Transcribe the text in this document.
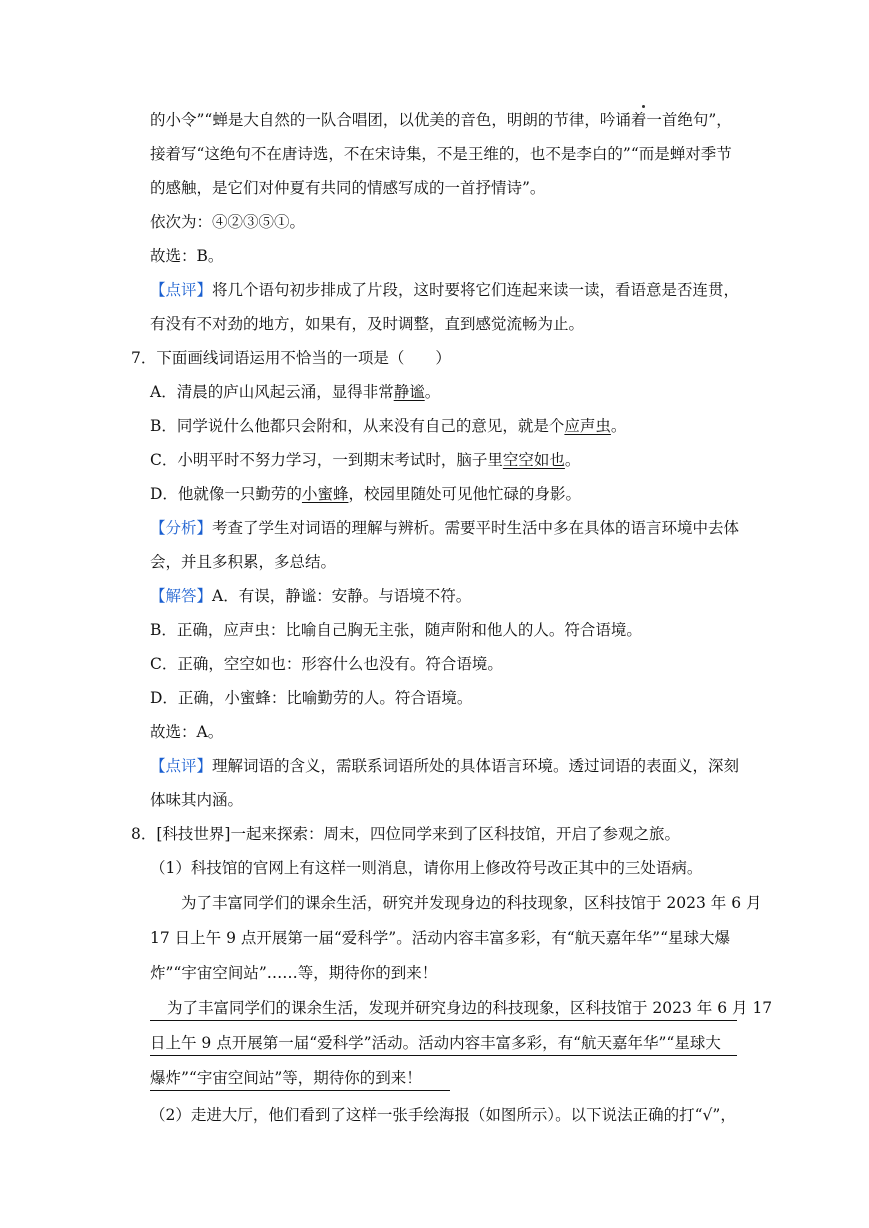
的小令”“蝉是大自然的一队合唱团，以优美的音色，明朗的节律，吟诵着一首绝句”，
接着写“这绝句不在唐诗选，不在宋诗集，不是王维的，也不是李白的”“而是蝉对季节
的感触，是它们对仲夏有共同的情感写成的一首抒情诗”。
依次为：④②③⑤①。
故选：B。
【点评】将几个语句初步排成了片段，这时要将它们连起来读一读，看语意是否连贯，
有没有不对劲的地方，如果有，及时调整，直到感觉流畅为止。
7．下面画线词语运用不恰当的一项是（　　）
A．清晨的庐山风起云涌，显得非常静谧。
B．同学说什么他都只会附和，从来没有自己的意见，就是个应声虫。
C．小明平时不努力学习，一到期末考试时，脑子里空空如也。
D．他就像一只勤劳的小蜜蜂，校园里随处可见他忙碌的身影。
【分析】考查了学生对词语的理解与辨析。需要平时生活中多在具体的语言环境中去体
会，并且多积累，多总结。
【解答】A．有误，静谧：安静。与语境不符。
B．正确，应声虫：比喻自己胸无主张，随声附和他人的人。符合语境。
C．正确，空空如也：形容什么也没有。符合语境。
D．正确，小蜜蜂：比喻勤劳的人。符合语境。
故选：A。
【点评】理解词语的含义，需联系词语所处的具体语言环境。透过词语的表面义，深刻
体味其内涵。
8．[科技世界]一起来探索：周末，四位同学来到了区科技馆，开启了参观之旅。
（1）科技馆的官网上有这样一则消息，请你用上修改符号改正其中的三处语病。
为了丰富同学们的课余生活，研究并发现身边的科技现象，区科技馆于 2023 年 6 月
17 日上午 9 点开展第一届“爱科学”。活动内容丰富多彩，有“航天嘉年华”“星球大爆
炸”“宇宙空间站”……等，期待你的到来！
为了丰富同学们的课余生活，发现并研究身边的科技现象，区科技馆于 2023 年 6 月 17
日上午 9 点开展第一届“爱科学”活动。活动内容丰富多彩，有“航天嘉年华”“星球大
爆炸”“宇宙空间站”等，期待你的到来！
（2）走进大厅，他们看到了这样一张手绘海报（如图所示）。以下说法正确的打“√”，
